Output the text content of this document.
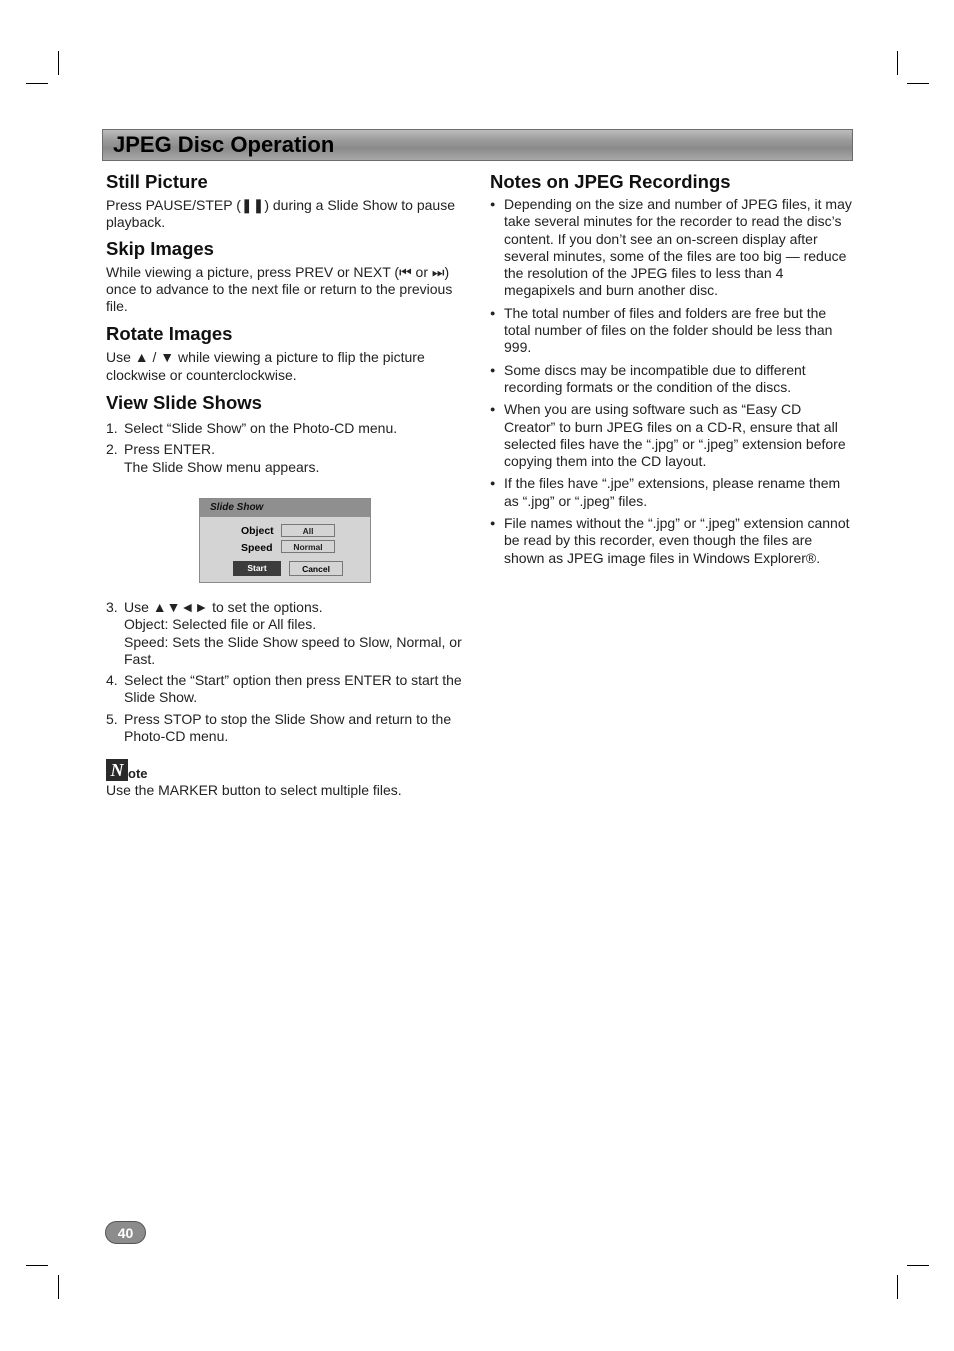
JPEG Disc Operation
Still Picture

Press PAUSE/STEP (❚❚) during a Slide Show to pause playback.

Skip Images

While viewing a picture, press PREV or NEXT (⏮ or ⏭) once to advance to the next file or return to the previous file.

Rotate Images

Use ▲ / ▼ while viewing a picture to flip the picture clockwise or counterclockwise.

View Slide Shows
1. Select “Slide Show” on the Photo-CD menu.
2. Press ENTER.
The Slide Show menu appears.
Slide Show
Object	All
Speed	Normal
Start	Cancel
3. Use ▲▼◄► to set the options.
Object: Selected file or All files.
Speed: Sets the Slide Show speed to Slow, Normal, or Fast.
4. Select the “Start” option then press ENTER to start the Slide Show.
5. Press STOP to stop the Slide Show and return to the Photo-CD menu.
N ote

Use the MARKER button to select multiple files.

Notes on JPEG Recordings
● Depending on the size and number of JPEG files, it may take several minutes for the recorder to read the disc’s content. If you don’t see an on-screen display after several minutes, some of the files are too big — reduce the resolution of the JPEG files to less than 4 megapixels and burn another disc.
● The total number of files and folders are free but the total number of files on the folder should be less than 999.
● Some discs may be incompatible due to different recording formats or the condition of the discs.
● When you are using software such as “Easy CD Creator” to burn JPEG files on a CD-R, ensure that all selected files have the “.jpg” or “.jpeg” extension before copying them into the CD layout.
● If the files have “.jpe” extensions, please rename them as “.jpg” or “.jpeg” files.
● File names without the “.jpg” or “.jpeg” extension cannot be read by this recorder, even though the files are shown as JPEG image files in Windows Explorer®.
40
